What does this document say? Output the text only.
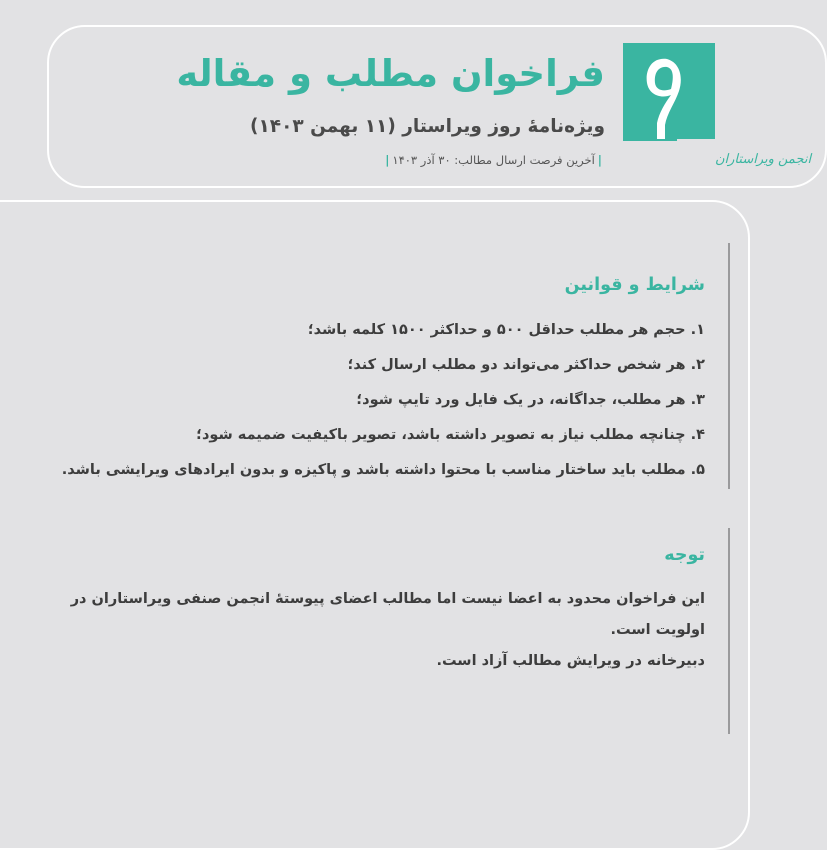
فراخوان مطلب و مقاله
ویژه‌نامهٔ روز ویراستار (۱۱ بهمن ۱۴۰۳)
|آخرین فرصت ارسال مطالب: ۳۰ آذر ۱۴۰۳|	انجمن ویراستاران
شرایط و قوانین
۱. حجم هر مطلب حداقل ۵۰۰ و حداکثر ۱۵۰۰ کلمه باشد؛
۲. هر شخص حداکثر می‌تواند دو مطلب ارسال کند؛
۳. هر مطلب، جداگانه، در یک فایل ورد تایپ شود؛
۴. چنانچه مطلب نیاز به تصویر داشته باشد، تصویر باکیفیت ضمیمه شود؛
۵. مطلب باید ساختار مناسب با محتوا داشته باشد و پاکیزه و بدون ایرادهای ویرایشی باشد.
توجه
این فراخوان محدود به اعضا نیست اما مطالب اعضای پیوستهٔ انجمن صنفی ویراستاران در اولویت است.
دبیرخانه در ویرایش مطالب آزاد است.
